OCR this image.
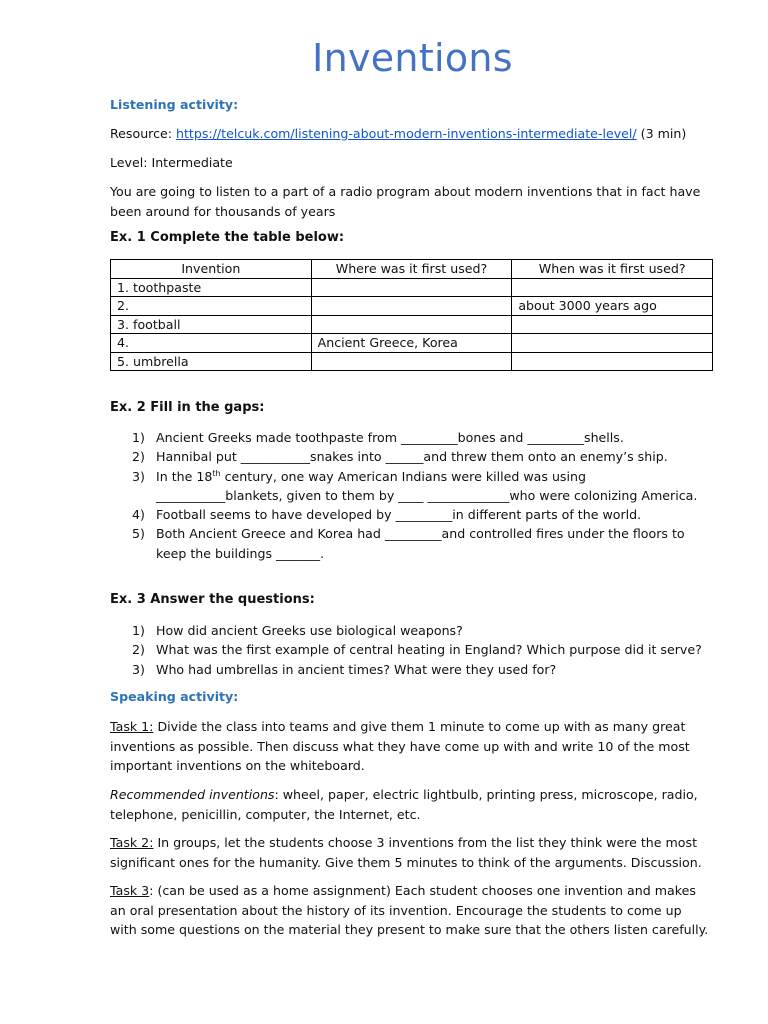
Inventions
Listening activity:
Resource: https://telcuk.com/listening-about-modern-inventions-intermediate-level/ (3 min)
Level: Intermediate
You are going to listen to a part of a radio program about modern inventions that in fact have been around for thousands of years
Ex. 1 Complete the table below:
Invention	Where was it first used?	When was it first used?
1. toothpaste		
2.		about 3000 years ago
3. football		
4.	Ancient Greece, Korea	
5. umbrella		
Ex. 2 Fill in the gaps:
1) Ancient Greeks made toothpaste from _________bones and _________shells.
2) Hannibal put ___________snakes into ______and threw them onto an enemy’s ship.
3) In the 18th century, one way American Indians were killed was using ___________blankets, given to them by ____ _____________who were colonizing America.
4) Football seems to have developed by _________in different parts of the world.
5) Both Ancient Greece and Korea had _________and controlled fires under the floors to keep the buildings _______.
Ex. 3 Answer the questions:
1) How did ancient Greeks use biological weapons?
2) What was the first example of central heating in England? Which purpose did it serve?
3) Who had umbrellas in ancient times? What were they used for?
Speaking activity:
Task 1: Divide the class into teams and give them 1 minute to come up with as many great inventions as possible. Then discuss what they have come up with and write 10 of the most important inventions on the whiteboard.
Recommended inventions: wheel, paper, electric lightbulb, printing press, microscope, radio, telephone, penicillin, computer, the Internet, etc.
Task 2: In groups, let the students choose 3 inventions from the list they think were the most significant ones for the humanity. Give them 5 minutes to think of the arguments. Discussion.
Task 3: (can be used as a home assignment) Each student chooses one invention and makes an oral presentation about the history of its invention. Encourage the students to come up with some questions on the material they present to make sure that the others listen carefully.
